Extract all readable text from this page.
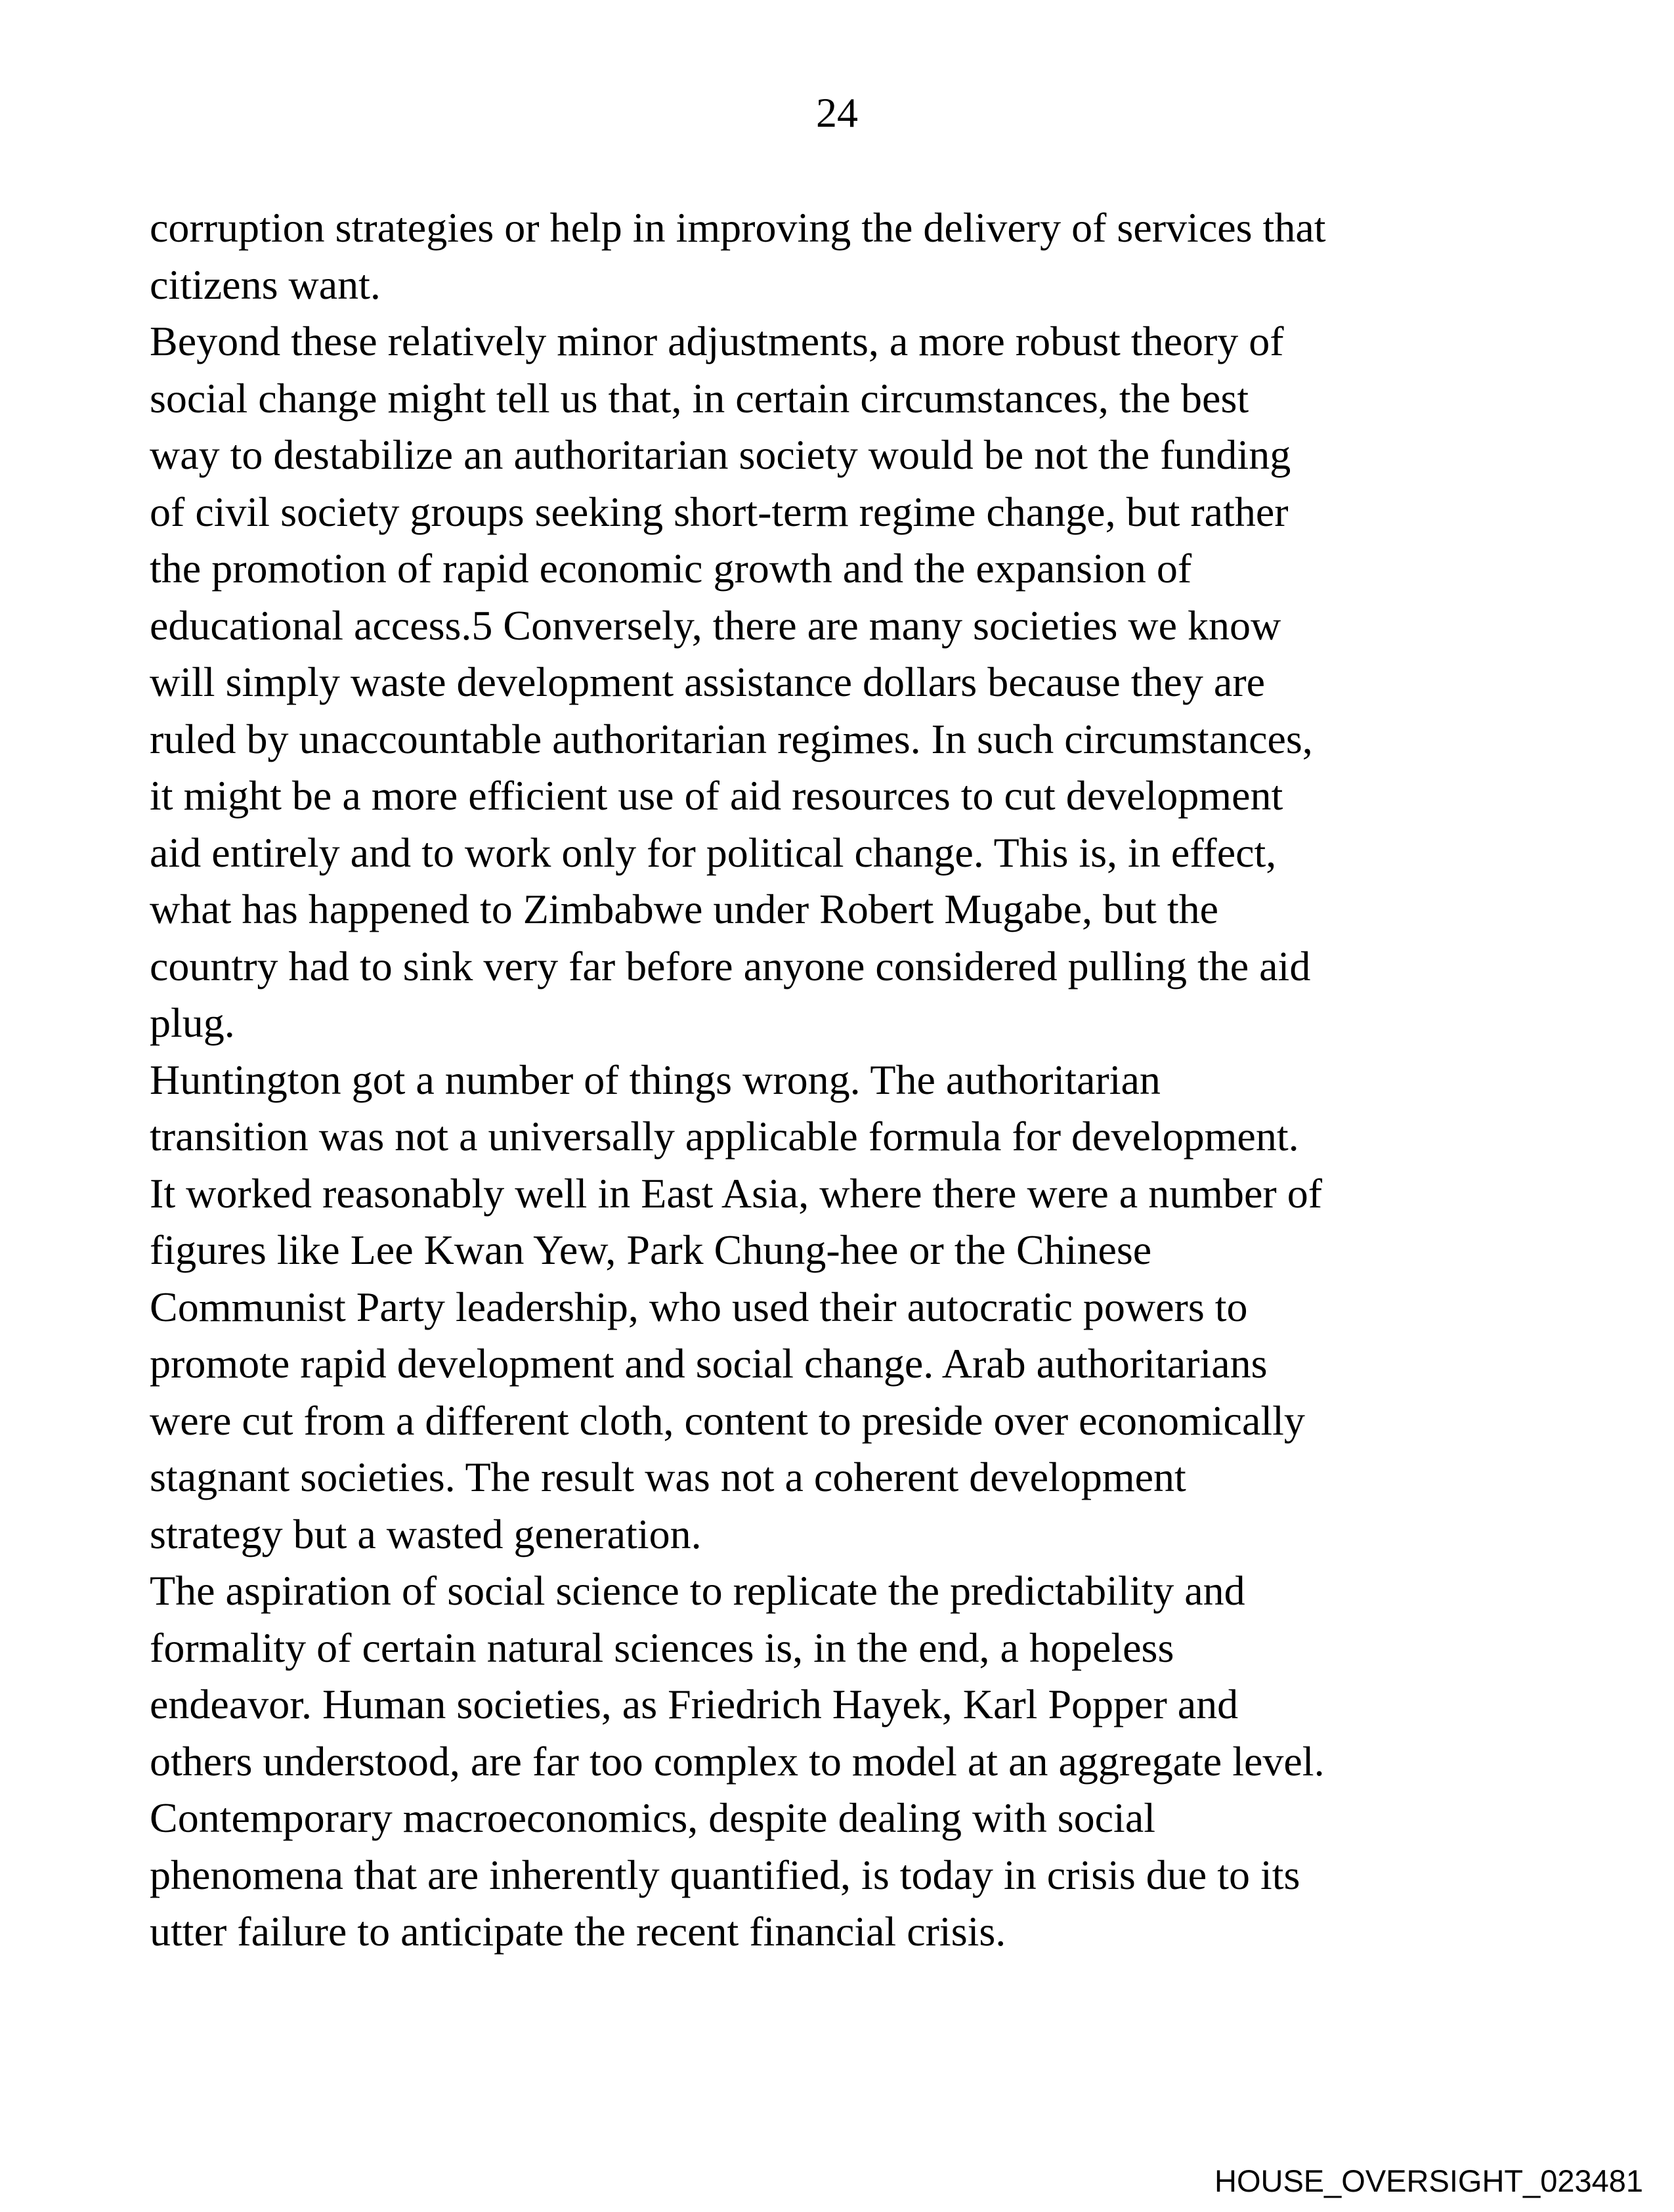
24
corruption strategies or help in improving the delivery of services that
citizens want.
Beyond these relatively minor adjustments, a more robust theory of
social change might tell us that, in certain circumstances, the best
way to destabilize an authoritarian society would be not the funding
of civil society groups seeking short-term regime change, but rather
the promotion of rapid economic growth and the expansion of
educational access.5 Conversely, there are many societies we know
will simply waste development assistance dollars because they are
ruled by unaccountable authoritarian regimes. In such circumstances,
it might be a more efficient use of aid resources to cut development
aid entirely and to work only for political change. This is, in effect,
what has happened to Zimbabwe under Robert Mugabe, but the
country had to sink very far before anyone considered pulling the aid
plug.
Huntington got a number of things wrong. The authoritarian
transition was not a universally applicable formula for development.
It worked reasonably well in East Asia, where there were a number of
figures like Lee Kwan Yew, Park Chung-hee or the Chinese
Communist Party leadership, who used their autocratic powers to
promote rapid development and social change. Arab authoritarians
were cut from a different cloth, content to preside over economically
stagnant societies. The result was not a coherent development
strategy but a wasted generation.
The aspiration of social science to replicate the predictability and
formality of certain natural sciences is, in the end, a hopeless
endeavor. Human societies, as Friedrich Hayek, Karl Popper and
others understood, are far too complex to model at an aggregate level.
Contemporary macroeconomics, despite dealing with social
phenomena that are inherently quantified, is today in crisis due to its
utter failure to anticipate the recent financial crisis.
HOUSE_OVERSIGHT_023481
